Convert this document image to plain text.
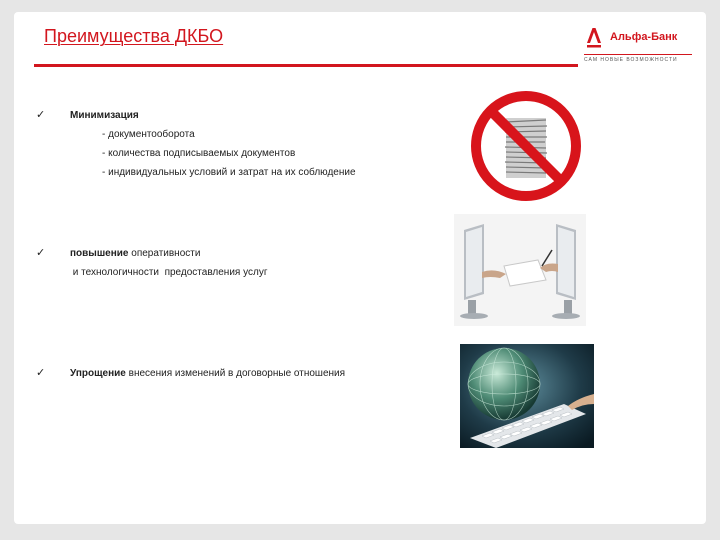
Преимущества ДКБО	Альфа-Банк
САМ НОВЫЕ ВОЗМОЖНОСТИ
✓ Минимизация
- документооборота
- количества подписываемых документов
- индивидуальных условий и затрат на их соблюдение
✓ повышение оперативности
и технологичности  предоставления услуг
✓ Упрощение внесения изменений в договорные отношения
